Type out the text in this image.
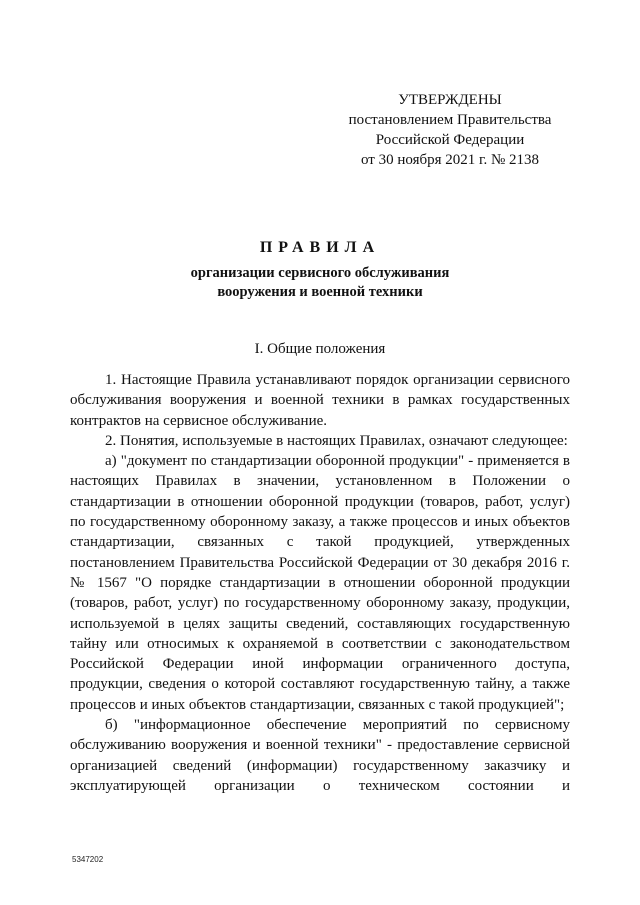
УТВЕРЖДЕНЫ
постановлением Правительства
Российской Федерации
от 30 ноября 2021 г. № 2138
ПРАВИЛА
организации сервисного обслуживания
вооружения и военной техники
I. Общие положения

1. Настоящие Правила устанавливают порядок организации сервисного обслуживания вооружения и военной техники в рамках государственных контрактов на сервисное обслуживание.

2. Понятия, используемые в настоящих Правилах, означают следующее:

а) "документ по стандартизации оборонной продукции" - применяется в настоящих Правилах в значении, установленном в Положении о стандартизации в отношении оборонной продукции (товаров, работ, услуг) по государственному оборонному заказу, а также процессов и иных объектов стандартизации, связанных с такой продукцией, утвержденных постановлением Правительства Российской Федерации от 30 декабря 2016 г. № 1567 "О порядке стандартизации в отношении оборонной продукции (товаров, работ, услуг) по государственному оборонному заказу, продукции, используемой в целях защиты сведений, составляющих государственную тайну или относимых к охраняемой в соответствии с законодательством Российской Федерации иной информации ограниченного доступа, продукции, сведения о которой составляют государственную тайну, а также процессов и иных объектов стандартизации, связанных с такой продукцией";

б) "информационное обеспечение мероприятий по сервисному обслуживанию вооружения и военной техники" - предоставление сервисной организацией сведений (информации) государственному заказчику и эксплуатирующей организации о техническом состоянии и

5347202
